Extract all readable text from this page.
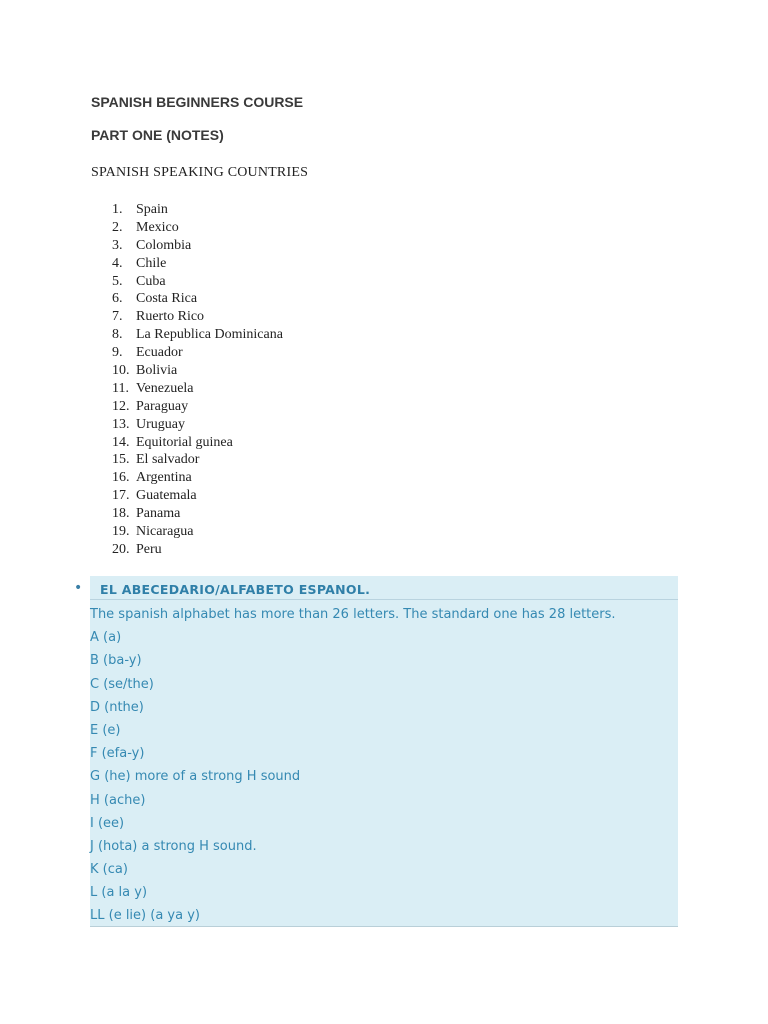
SPANISH BEGINNERS COURSE
PART ONE (NOTES)
SPANISH SPEAKING COUNTRIES
1. Spain
2. Mexico
3. Colombia
4. Chile
5. Cuba
6. Costa Rica
7. Ruerto Rico
8. La Republica Dominicana
9. Ecuador
10. Bolivia
11. Venezuela
12. Paraguay
13. Uruguay
14. Equitorial guinea
15. El salvador
16. Argentina
17. Guatemala
18. Panama
19. Nicaragua
20. Peru
• EL ABECEDARIO/ALFABETO ESPANOL.
The spanish alphabet has more than 26 letters. The standard one has 28 letters.
A (a)
B (ba-y)
C (se/the)
D (nthe)
E (e)
F (efa-y)
G (he) more of a strong H sound
H (ache)
I (ee)
J (hota) a strong H sound.
K (ca)
L (a la y)
LL (e lie) (a ya y)
